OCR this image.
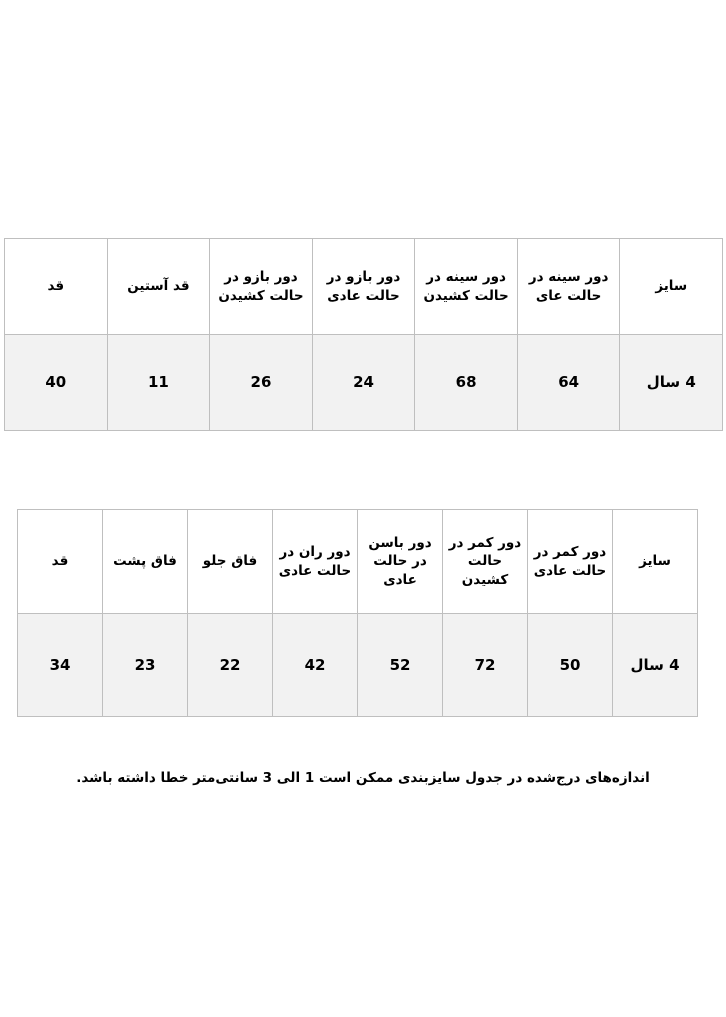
سایز	دور سینه در حالت عای	دور سینه در حالت کشیدن	دور بازو در حالت عادی	دور بازو در حالت کشیدن	قد آستین	قد
4 سال	64	68	24	26	11	40
سایز	دور کمر در حالت عادی	دور کمر در حالت کشیدن	دور باسن در حالت عادی	دور ران در حالت عادی	فاق جلو	فاق پشت	قد
4 سال	50	72	52	42	22	23	34
اندازه‌های درج‌شده در جدول سایزبندی ممکن است 1 الی 3 سانتی‌متر خطا داشته باشد.
